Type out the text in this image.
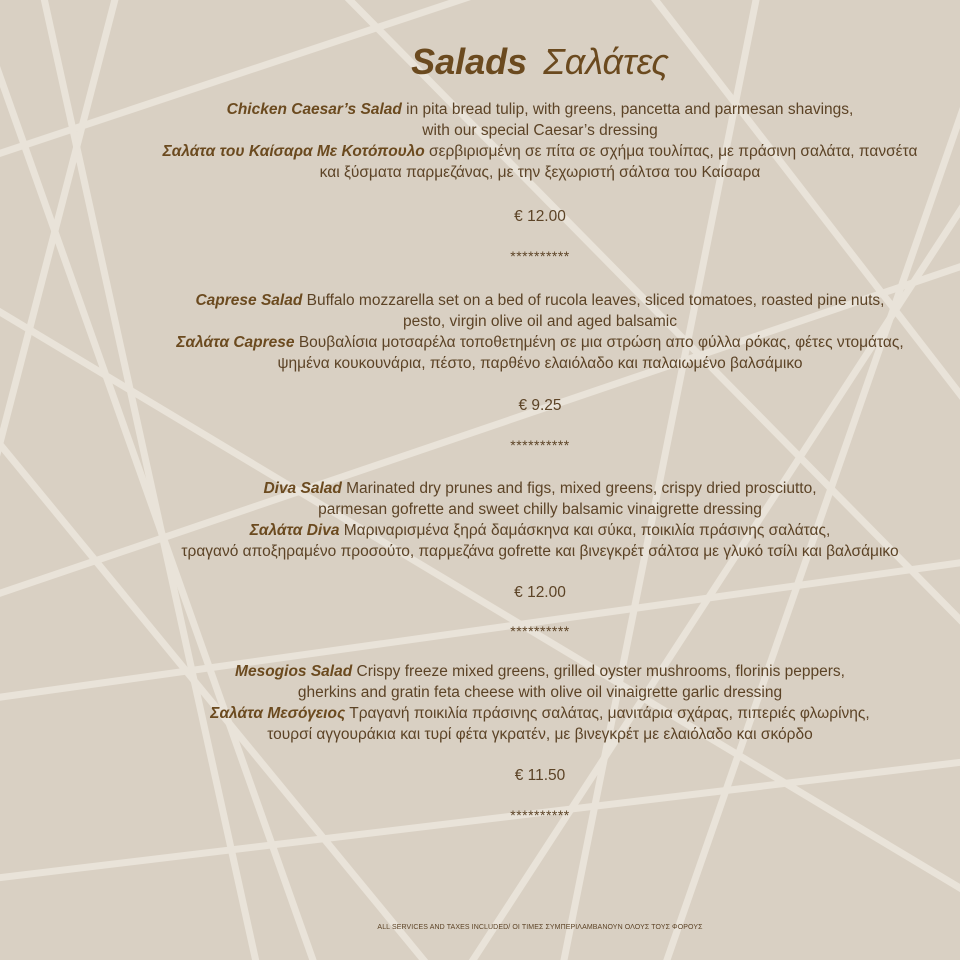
Salads Σαλάτες

Chicken Caesar’s Salad in pita bread tulip, with greens, pancetta and parmesan shavings,

with our special Caesar’s dressing

Σαλάτα του Καίσαρα Με Κοτόπουλο σερβιρισμένη σε πίτα σε σχήμα τουλίπας, με πράσινη σαλάτα, πανσέτα

και ξύσματα παρμεζάνας, με την ξεχωριστή σάλτσα του Καίσαρα

€ 12.00
**********

Caprese Salad Buffalo mozzarella set on a bed of rucola leaves, sliced tomatoes, roasted pine nuts,

pesto, virgin olive oil and aged balsamic

Σαλάτα Caprese Βουβαλίσια μοτσαρέλα τοποθετημένη σε μια στρώση απο φύλλα ρόκας, φέτες ντομάτας,

ψημένα κουκουνάρια, πέστο, παρθένο ελαιόλαδο και παλαιωμένο βαλσάμικο

€ 9.25
**********

Diva Salad Marinated dry prunes and figs, mixed greens, crispy dried prosciutto,

parmesan gofrette and sweet chilly balsamic vinaigrette dressing

Σαλάτα Diva Μαριναρισμένα ξηρά δαμάσκηνα και σύκα, ποικιλία πράσινης σαλάτας,

τραγανό αποξηραμένο προσούτο, παρμεζάνα gofrette και βινεγκρέτ σάλτσα με γλυκό τσίλι και βαλσάμικο

€ 12.00
**********

Mesogios Salad Crispy freeze mixed greens, grilled oyster mushrooms, florinis peppers,

gherkins and gratin feta cheese with olive oil vinaigrette garlic dressing

Σαλάτα Μεσόγειος Τραγανή ποικιλία πράσινης σαλάτας, μανιτάρια σχάρας, πιπεριές φλωρίνης,

τουρσί αγγουράκια και τυρί φέτα γκρατέν, με βινεγκρέτ με ελαιόλαδο και σκόρδο

€ 11.50
**********
ALL SERVICES AND TAXES INCLUDED/ ΟΙ ΤΙΜΕΣ ΣΥΜΠΕΡΙΛΑΜΒΑΝΟΥΝ ΟΛΟΥΣ ΤΟΥΣ ΦΟΡΟΥΣ
